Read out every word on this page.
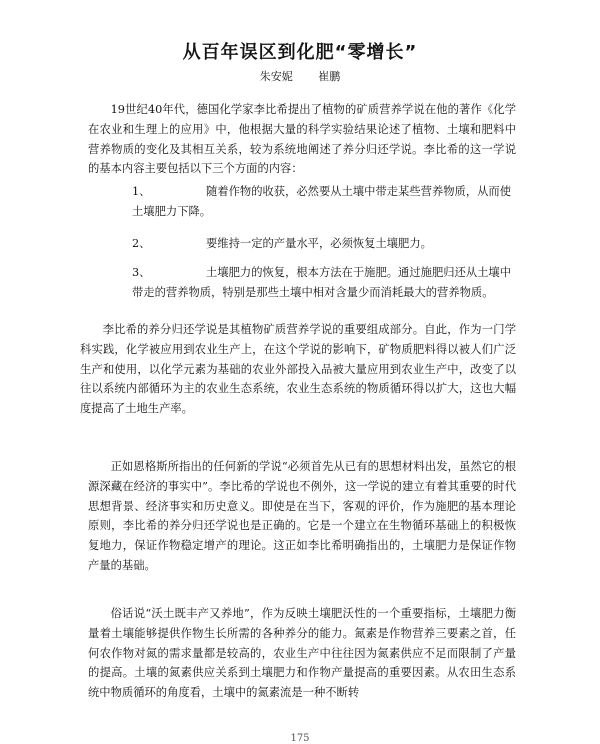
从百年误区到化肥“零增长”
朱安妮 崔鹏

19世纪40年代，德国化学家李比希提出了植物的矿质营养学说在他的著作《化学在农业和生理上的应用》中，他根据大量的科学实验结果论述了植物、土壤和肥料中营养物质的变化及其相互关系，较为系统地阐述了养分归还学说。李比希的这一学说的基本内容主要包括以下三个方面的内容：

1、	随着作物的收获，必然要从土壤中带走某些营养物质，从而使土壤肥力下降。

2、	要维持一定的产量水平，必须恢复土壤肥力。

3、	土壤肥力的恢复，根本方法在于施肥。通过施肥归还从土壤中带走的营养物质，特别是那些土壤中相对含量少而消耗最大的营养物质。

李比希的养分归还学说是其植物矿质营养学说的重要组成部分。自此，作为一门学科实践，化学被应用到农业生产上，在这个学说的影响下，矿物质肥料得以被人们广泛生产和使用，以化学元素为基础的农业外部投入品被大量应用到农业生产中，改变了以往以系统内部循环为主的农业生态系统，农业生态系统的物质循环得以扩大，这也大幅度提高了土地生产率。

正如恩格斯所指出的任何新的学说“必须首先从已有的思想材料出发，虽然它的根源深藏在经济的事实中”。李比希的学说也不例外，这一学说的建立有着其重要的时代思想背景、经济事实和历史意义。即使是在当下，客观的评价，作为施肥的基本理论原则，李比希的养分归还学说也是正确的。它是一个建立在生物循环基础上的积极恢复地力，保证作物稳定增产的理论。这正如李比希明确指出的，土壤肥力是保证作物产量的基础。

俗话说“沃土既丰产又养地”，作为反映土壤肥沃性的一个重要指标，土壤肥力衡量着土壤能够提供作物生长所需的各种养分的能力。氮素是作物营养三要素之首，任何农作物对氮的需求量都是较高的，农业生产中往往因为氮素供应不足而限制了产量的提高。土壤的氮素供应关系到土壤肥力和作物产量提高的重要因素。从农田生态系统中物质循环的角度看，土壤中的氮素流是一种不断转

175
